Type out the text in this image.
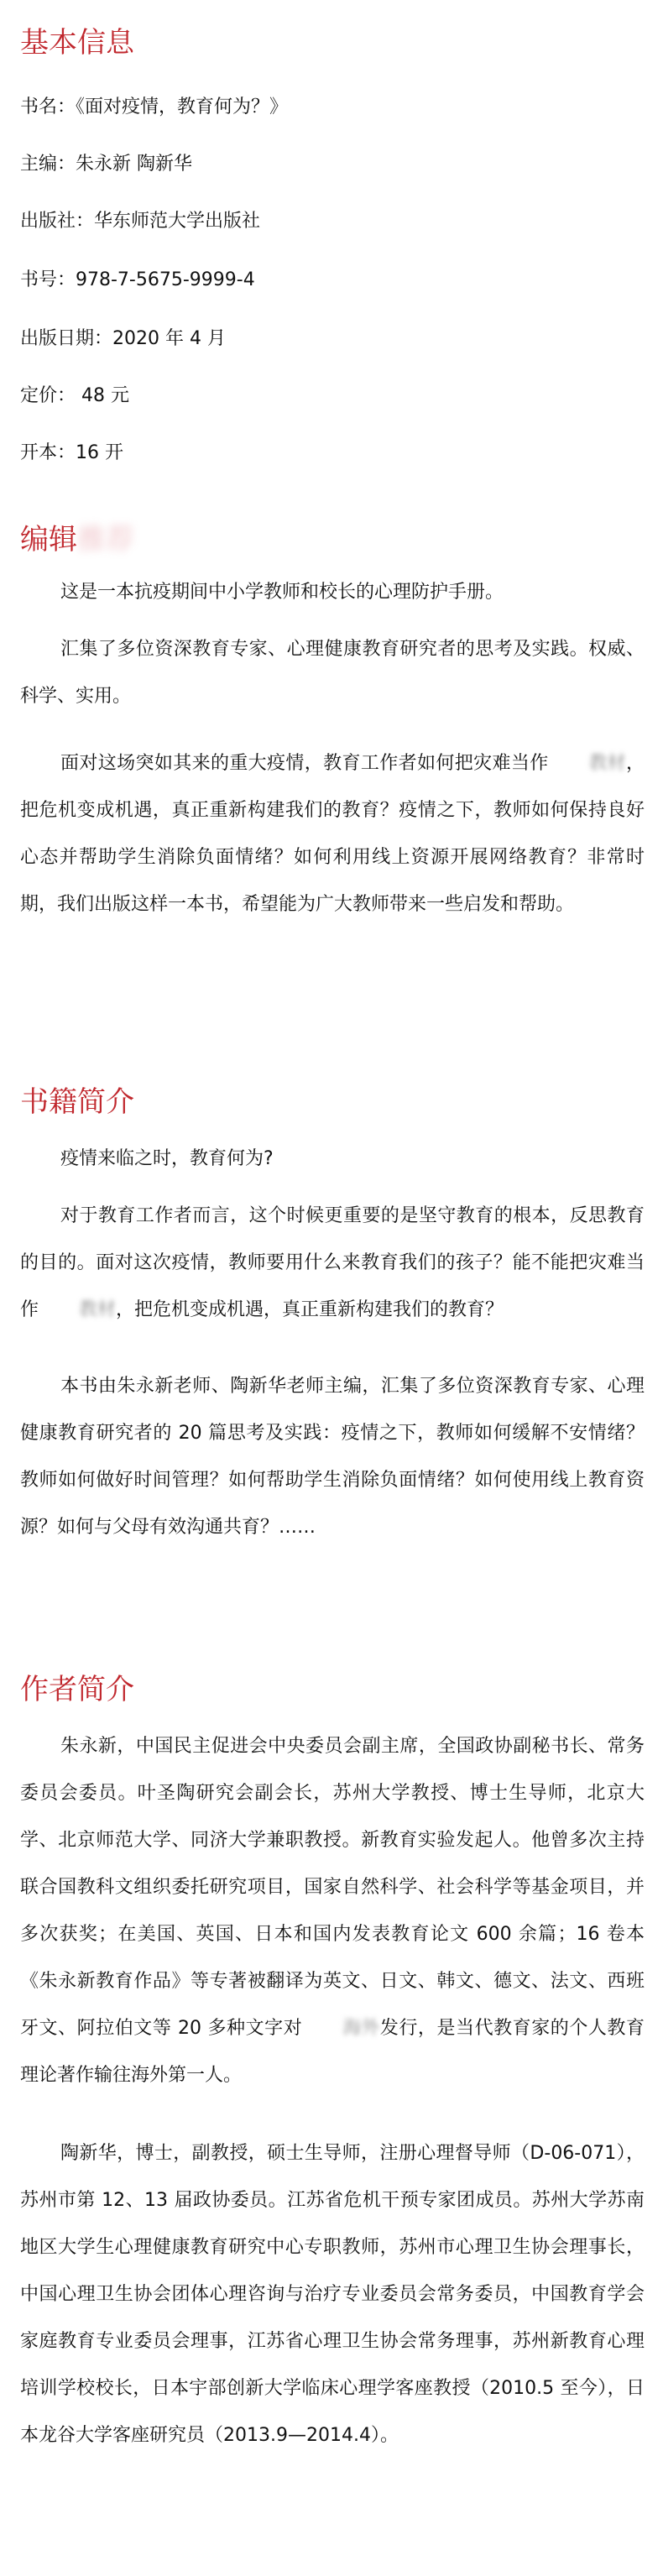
基本信息
书名：《面对疫情，教育何为？》
主编：朱永新 陶新华
出版社：华东师范大学出版社
书号：978-7-5675-9999-4
出版日期：2020 年 4 月
定价： 48 元
开本：16 开
编辑推荐

这是一本抗疫期间中小学教师和校长的心理防护手册。

汇集了多位资深教育专家、心理健康教育研究者的思考及实践。权威、科学、实用。

面对这场突如其来的重大疫情，教育工作者如何把灾难当作 教材，把危机变成机遇，真正重新构建我们的教育？疫情之下，教师如何保持良好心态并帮助学生消除负面情绪？如何利用线上资源开展网络教育？非常时期，我们出版这样一本书，希望能为广大教师带来一些启发和帮助。

书籍简介

疫情来临之时，教育何为?

对于教育工作者而言，这个时候更重要的是坚守教育的根本，反思教育的目的。面对这次疫情，教师要用什么来教育我们的孩子？能不能把灾难当作 教材，把危机变成机遇，真正重新构建我们的教育？

本书由朱永新老师、陶新华老师主编，汇集了多位资深教育专家、心理健康教育研究者的 20 篇思考及实践：疫情之下，教师如何缓解不安情绪？教师如何做好时间管理？如何帮助学生消除负面情绪？如何使用线上教育资源？如何与父母有效沟通共育？……

作者简介

朱永新，中国民主促进会中央委员会副主席，全国政协副秘书长、常务委员会委员。叶圣陶研究会副会长，苏州大学教授、博士生导师，北京大学、北京师范大学、同济大学兼职教授。新教育实验发起人。他曾多次主持联合国教科文组织委托研究项目，国家自然科学、社会科学等基金项目，并多次获奖；在美国、英国、日本和国内发表教育论文 600 余篇；16 卷本《朱永新教育作品》等专著被翻译为英文、日文、韩文、德文、法文、西班牙文、阿拉伯文等 20 多种文字对 海外发行，是当代教育家的个人教育理论著作输往海外第一人。

陶新华，博士，副教授，硕士生导师，注册心理督导师（D-06-071），苏州市第 12、13 届政协委员。江苏省危机干预专家团成员。苏州大学苏南地区大学生心理健康教育研究中心专职教师，苏州市心理卫生协会理事长，中国心理卫生协会团体心理咨询与治疗专业委员会常务委员，中国教育学会家庭教育专业委员会理事，江苏省心理卫生协会常务理事，苏州新教育心理培训学校校长，日本宇部创新大学临床心理学客座教授（2010.5 至今），日本龙谷大学客座研究员（2013.9—2014.4）。
